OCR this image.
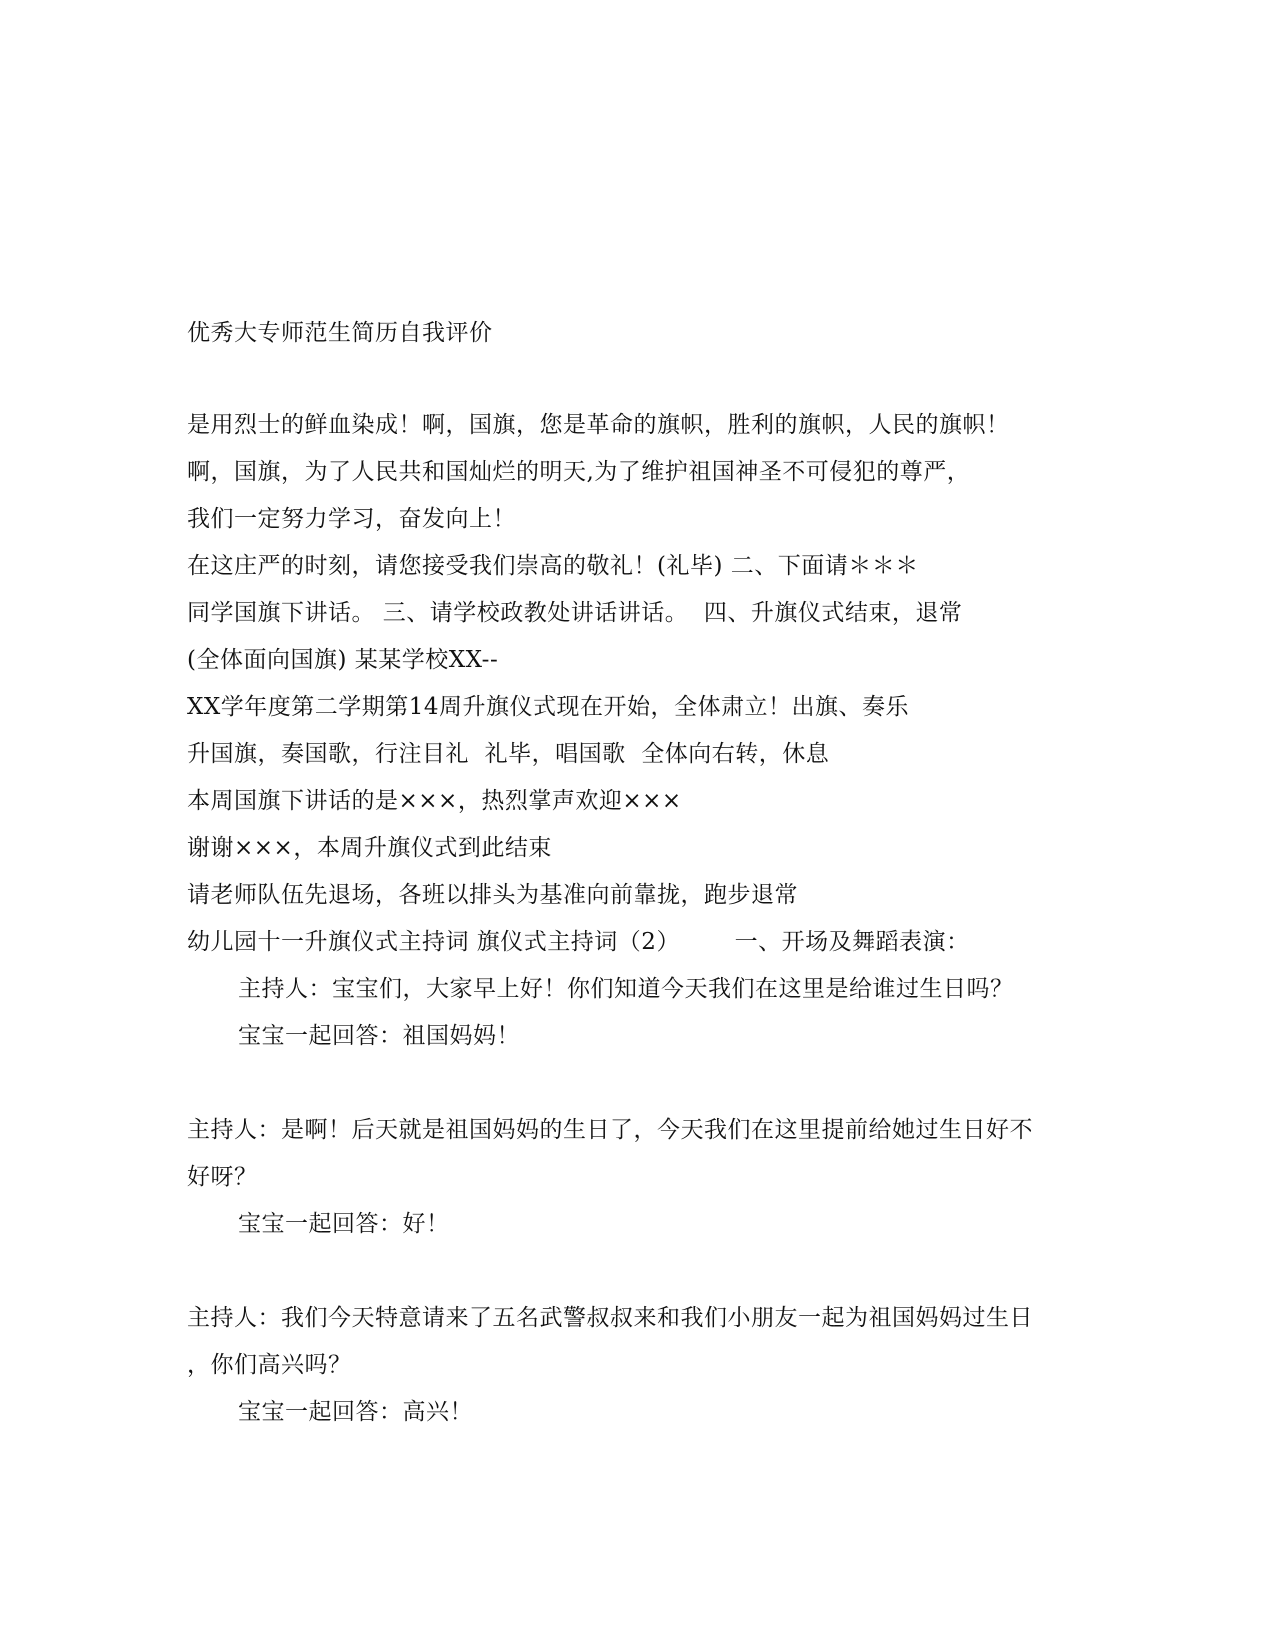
优秀大专师范生简历自我评价
是用烈士的鲜血染成！啊，国旗，您是革命的旗帜，胜利的旗帜，人民的旗帜！
啊，国旗，为了人民共和国灿烂的明天,为了维护祖国神圣不可侵犯的尊严，
我们一定努力学习，奋发向上！
在这庄严的时刻，请您接受我们崇高的敬礼！(礼毕) 二、下面请＊＊＊
同学国旗下讲话。 三、请学校政教处讲话讲话。  四、升旗仪式结束，退常
(全体面向国旗) 某某学校XX--
XX学年度第二学期第14周升旗仪式现在开始，全体肃立！出旗、奏乐
升国旗，奏国歌，行注目礼  礼毕，唱国歌  全体向右转，休息
本周国旗下讲话的是×××，热烈掌声欢迎×××
谢谢×××，本周升旗仪式到此结束
请老师队伍先退场，各班以排头为基准向前靠拢，跑步退常
幼儿园十一升旗仪式主持词 旗仪式主持词（2）       一、开场及舞蹈表演：
主持人：宝宝们，大家早上好！你们知道今天我们在这里是给谁过生日吗？
宝宝一起回答：祖国妈妈！
主持人：是啊！后天就是祖国妈妈的生日了，今天我们在这里提前给她过生日好不
好呀？
宝宝一起回答：好！
主持人：我们今天特意请来了五名武警叔叔来和我们小朋友一起为祖国妈妈过生日
，你们高兴吗？
宝宝一起回答：高兴！
